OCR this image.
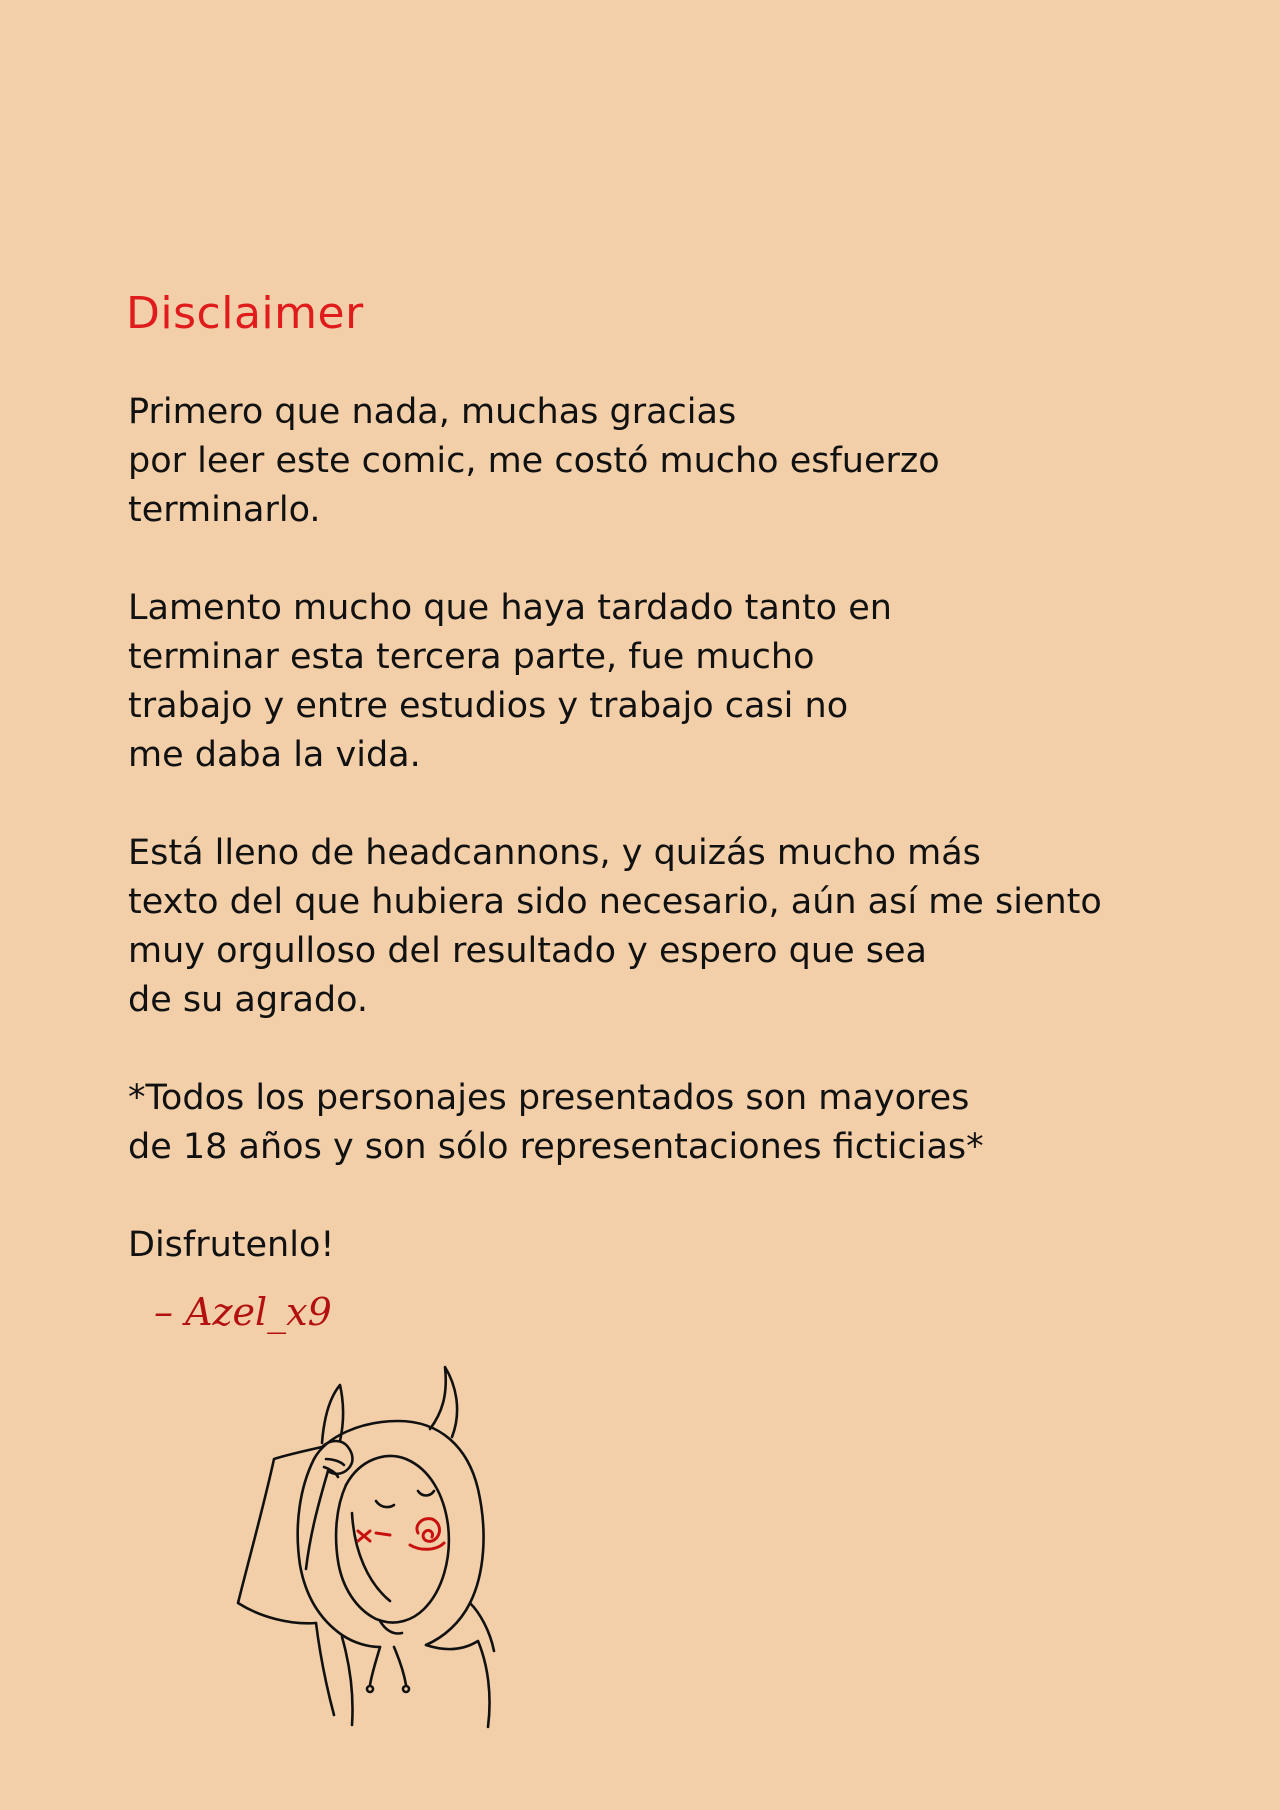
Disclaimer

Primero que nada, muchas gracias
por leer este comic, me costó mucho esfuerzo
terminarlo.

Lamento mucho que haya tardado tanto en
terminar esta tercera parte, fue mucho
trabajo y entre estudios y trabajo casi no
me daba la vida.

Está lleno de headcannons, y quizás mucho más
texto del que hubiera sido necesario, aún así me siento
muy orgulloso del resultado y espero que sea
de su agrado.

*Todos los personajes presentados son mayores
de 18 años y son sólo representaciones ficticias*

Disfrutenlo!
– Azel_x9
